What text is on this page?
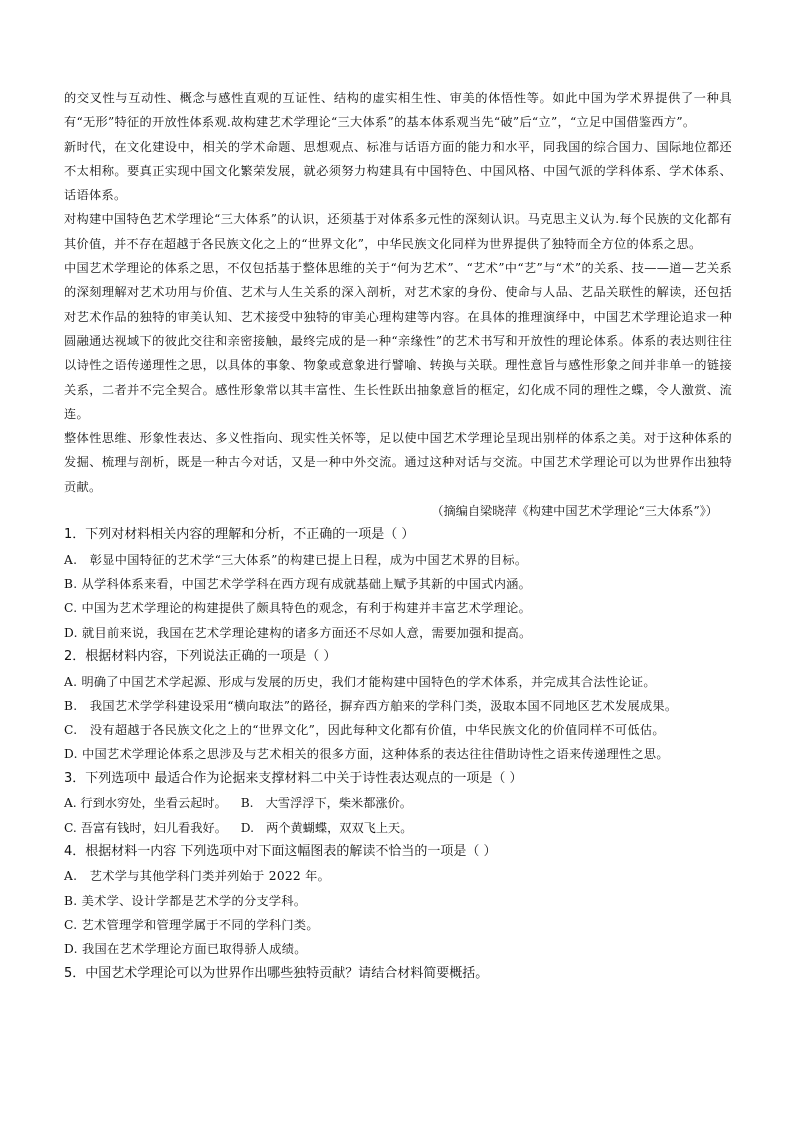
的交叉性与互动性、概念与感性直观的互证性、结构的虚实相生性、审美的体悟性等。如此中国为学术界提供了一种具有“无形”特征的开放性体系观.故构建艺术学理论“三大体系”的基本体系观当先“破”后“立”，“立足中国借鉴西方”。

新时代，在文化建设中，相关的学术命题、思想观点、标准与话语方面的能力和水平，同我国的综合国力、国际地位都还不太相称。要真正实现中国文化繁荣发展，就必须努力构建具有中国特色、中国风格、中国气派的学科体系、学术体系、话语体系。

对构建中国特色艺术学理论“三大体系”的认识，还须基于对体系多元性的深刻认识。马克思主义认为.每个民族的文化都有其价值，并不存在超越于各民族文化之上的“世界文化”，中华民族文化同样为世界提供了独特而全方位的体系之思。

中国艺术学理论的体系之思，不仅包括基于整体思维的关于“何为艺术”、“艺术”中“艺”与“术”的关系、技——道—艺关系的深刻理解对艺术功用与价值、艺术与人生关系的深入剖析，对艺术家的身份、使命与人品、艺品关联性的解读，还包括对艺术作品的独特的审美认知、艺术接受中独特的审美心理构建等内容。在具体的推理演绎中，中国艺术学理论追求一种圆融通达视域下的彼此交往和亲密接触，最终完成的是一种“亲缘性”的艺术书写和开放性的理论体系。体系的表达则往往以诗性之语传递理性之思，以具体的事象、物象或意象进行譬喻、转换与关联。理性意旨与感性形象之间并非单一的链接关系，二者并不完全契合。感性形象常以其丰富性、生长性跃出抽象意旨的框定，幻化成不同的理性之蝶，令人激赏、流连。

整体性思维、形象性表达、多义性指向、现实性关怀等，足以使中国艺术学理论呈现出别样的体系之美。对于这种体系的发掘、梳理与剖析，既是一种古今对话，又是一种中外交流。通过这种对话与交流。中国艺术学理论可以为世界作出独特贡献。

（摘编自梁晓萍《构建中国艺术学理论“三大体系”》）

1．下列对材料相关内容的理解和分析，不正确的一项是（ ）

A.　彰显中国特征的艺术学“三大体系”的构建已提上日程，成为中国艺术界的目标。

B. 从学科体系来看，中国艺术学学科在西方现有成就基础上赋予其新的中国式内涵。

C. 中国为艺术学理论的构建提供了颇具特色的观念，有利于构建并丰富艺术学理论。

D. 就目前来说，我国在艺术学理论建构的诸多方面还不尽如人意，需要加强和提高。

2．根据材料内容，下列说法正确的一项是（ ）

A. 明确了中国艺术学起源、形成与发展的历史，我们才能构建中国特色的学术体系，并完成其合法性论证。

B.　我国艺术学学科建设采用“横向取法”的路径，摒弃西方舶来的学科门类，汲取本国不同地区艺术发展成果。

C.　没有超越于各民族文化之上的“世界文化”，因此每种文化都有价值，中华民族文化的价值同样不可低估。

D. 中国艺术学理论体系之思涉及与艺术相关的很多方面，这种体系的表达往往借助诗性之语来传递理性之思。

3．下列选项中 最适合作为论据来支撑材料二中关于诗性表达观点的一项是（ ）

A. 行到水穷处，坐看云起时。 B.　大雪浮浮下，柴米都涨价。

C. 吾富有钱时，妇儿看我好。 D.　两个黄蝴蝶，双双飞上天。

4．根据材料一内容 下列选项中对下面这幅图表的解读不恰当的一项是（ ）

A.　艺术学与其他学科门类并列始于 2022 年。

B. 美术学、设计学都是艺术学的分支学科。

C. 艺术管理学和管理学属于不同的学科门类。

D. 我国在艺术学理论方面已取得骄人成绩。

5．中国艺术学理论可以为世界作出哪些独特贡献？请结合材料简要概括。
